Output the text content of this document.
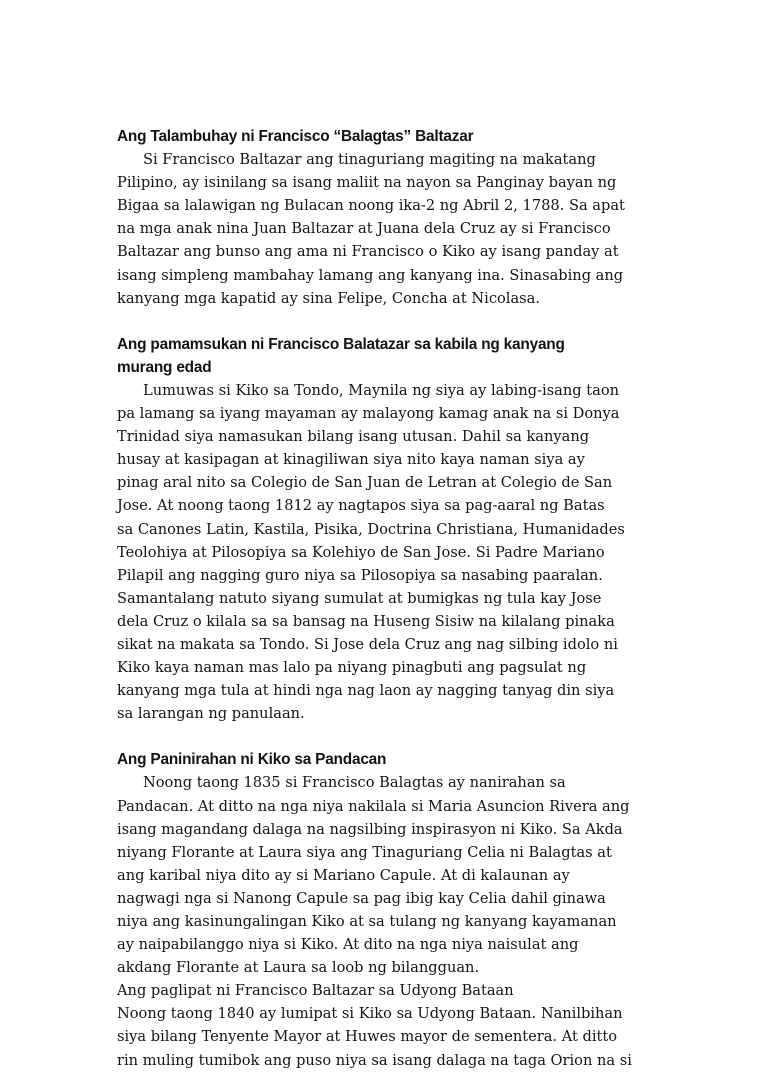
Ang Talambuhay ni Francisco “Balagtas” Baltazar
Si Francisco Baltazar ang tinaguriang magiting na makatang
Pilipino, ay isinilang sa isang maliit na nayon sa Panginay bayan ng
Bigaa sa lalawigan ng Bulacan noong ika-2 ng Abril 2, 1788. Sa apat
na mga anak nina Juan Baltazar at Juana dela Cruz ay si Francisco
Baltazar ang bunso ang ama ni Francisco o Kiko ay isang panday at
isang simpleng mambahay lamang ang kanyang ina. Sinasabing ang
kanyang mga kapatid ay sina Felipe, Concha at Nicolasa.
Ang pamamsukan ni Francisco Balatazar sa kabila ng kanyang
murang edad
Lumuwas si Kiko sa Tondo, Maynila ng siya ay labing-isang taon
pa lamang sa iyang mayaman ay malayong kamag anak na si Donya
Trinidad siya namasukan bilang isang utusan. Dahil sa kanyang
husay at kasipagan at kinagiliwan siya nito kaya naman siya ay
pinag aral nito sa Colegio de San Juan de Letran at Colegio de San
Jose. At noong taong 1812 ay nagtapos siya sa pag-aaral ng Batas
sa Canones Latin, Kastila, Pisika, Doctrina Christiana, Humanidades
Teolohiya at Pilosopiya sa Kolehiyo de San Jose. Si Padre Mariano
Pilapil ang nagging guro niya sa Pilosopiya sa nasabing paaralan.
Samantalang natuto siyang sumulat at bumigkas ng tula kay Jose
dela Cruz o kilala sa sa bansag na Huseng Sisiw na kilalang pinaka
sikat na makata sa Tondo. Si Jose dela Cruz ang nag silbing idolo ni
Kiko kaya naman mas lalo pa niyang pinagbuti ang pagsulat ng
kanyang mga tula at hindi nga nag laon ay nagging tanyag din siya
sa larangan ng panulaan.
Ang Paninirahan ni Kiko sa Pandacan
Noong taong 1835 si Francisco Balagtas ay nanirahan sa
Pandacan. At ditto na nga niya nakilala si Maria Asuncion Rivera ang
isang magandang dalaga na nagsilbing inspirasyon ni Kiko. Sa Akda
niyang Florante at Laura siya ang Tinaguriang Celia ni Balagtas at
ang karibal niya dito ay si Mariano Capule. At di kalaunan ay
nagwagi nga si Nanong Capule sa pag ibig kay Celia dahil ginawa
niya ang kasinungalingan Kiko at sa tulang ng kanyang kayamanan
ay naipabilanggo niya si Kiko. At dito na nga niya naisulat ang
akdang Florante at Laura sa loob ng bilangguan.
Ang paglipat ni Francisco Baltazar sa Udyong Bataan
Noong taong 1840 ay lumipat si Kiko sa Udyong Bataan. Nanilbihan
siya bilang Tenyente Mayor at Huwes mayor de sementera. At ditto
rin muling tumibok ang puso niya sa isang dalaga na taga Orion na si
